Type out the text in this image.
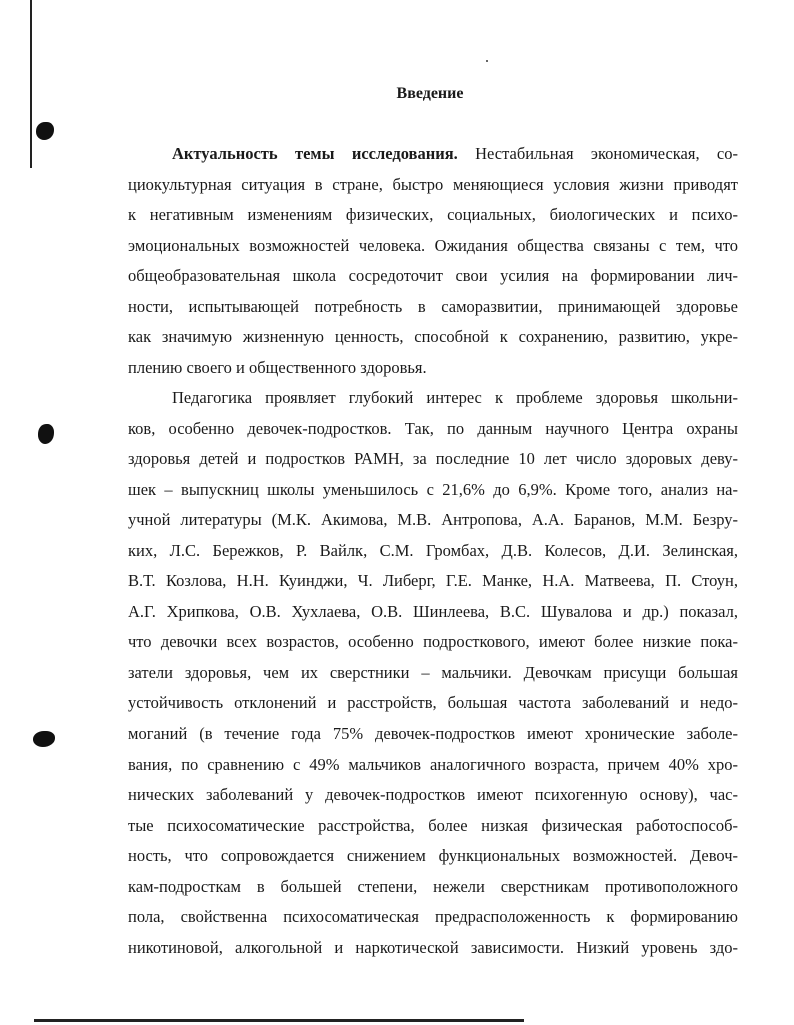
Введение
Актуальность темы исследования. Нестабильная экономическая, со-
циокультурная ситуация в стране, быстро меняющиеся условия жизни приводят
к негативным изменениям физических, социальных, биологических и психо-
эмоциональных возможностей человека. Ожидания общества связаны с тем, что
общеобразовательная школа сосредоточит свои усилия на формировании лич-
ности, испытывающей потребность в саморазвитии, принимающей здоровье
как значимую жизненную ценность, способной к сохранению, развитию, укре-
плению своего и общественного здоровья.
Педагогика проявляет глубокий интерес к проблеме здоровья школьни-
ков, особенно девочек-подростков. Так, по данным научного Центра охраны
здоровья детей и подростков РАМН, за последние 10 лет число здоровых деву-
шек – выпускниц школы уменьшилось с 21,6% до 6,9%. Кроме того, анализ на-
учной литературы (М.К. Акимова, М.В. Антропова, А.А. Баранов, М.М. Безру-
ких, Л.С. Бережков, Р. Вайлк, С.М. Громбах, Д.В. Колесов, Д.И. Зелинская,
В.Т. Козлова, Н.Н. Куинджи, Ч. Либерг, Г.Е. Манке, Н.А. Матвеева, П. Стоун,
А.Г. Хрипкова, О.В. Хухлаева, О.В. Шинлеева, В.С. Шувалова и др.) показал,
что девочки всех возрастов, особенно подросткового, имеют более низкие пока-
затели здоровья, чем их сверстники – мальчики. Девочкам присущи большая
устойчивость отклонений и расстройств, большая частота заболеваний и недо-
моганий (в течение года 75% девочек-подростков имеют хронические заболе-
вания, по сравнению с 49% мальчиков аналогичного возраста, причем 40% хро-
нических заболеваний у девочек-подростков имеют психогенную основу), час-
тые психосоматические расстройства, более низкая физическая работоспособ-
ность, что сопровождается снижением функциональных возможностей. Девоч-
кам-подросткам в большей степени, нежели сверстникам противоположного
пола, свойственна психосоматическая предрасположенность к формированию
никотиновой, алкогольной и наркотической зависимости. Низкий уровень здо-
